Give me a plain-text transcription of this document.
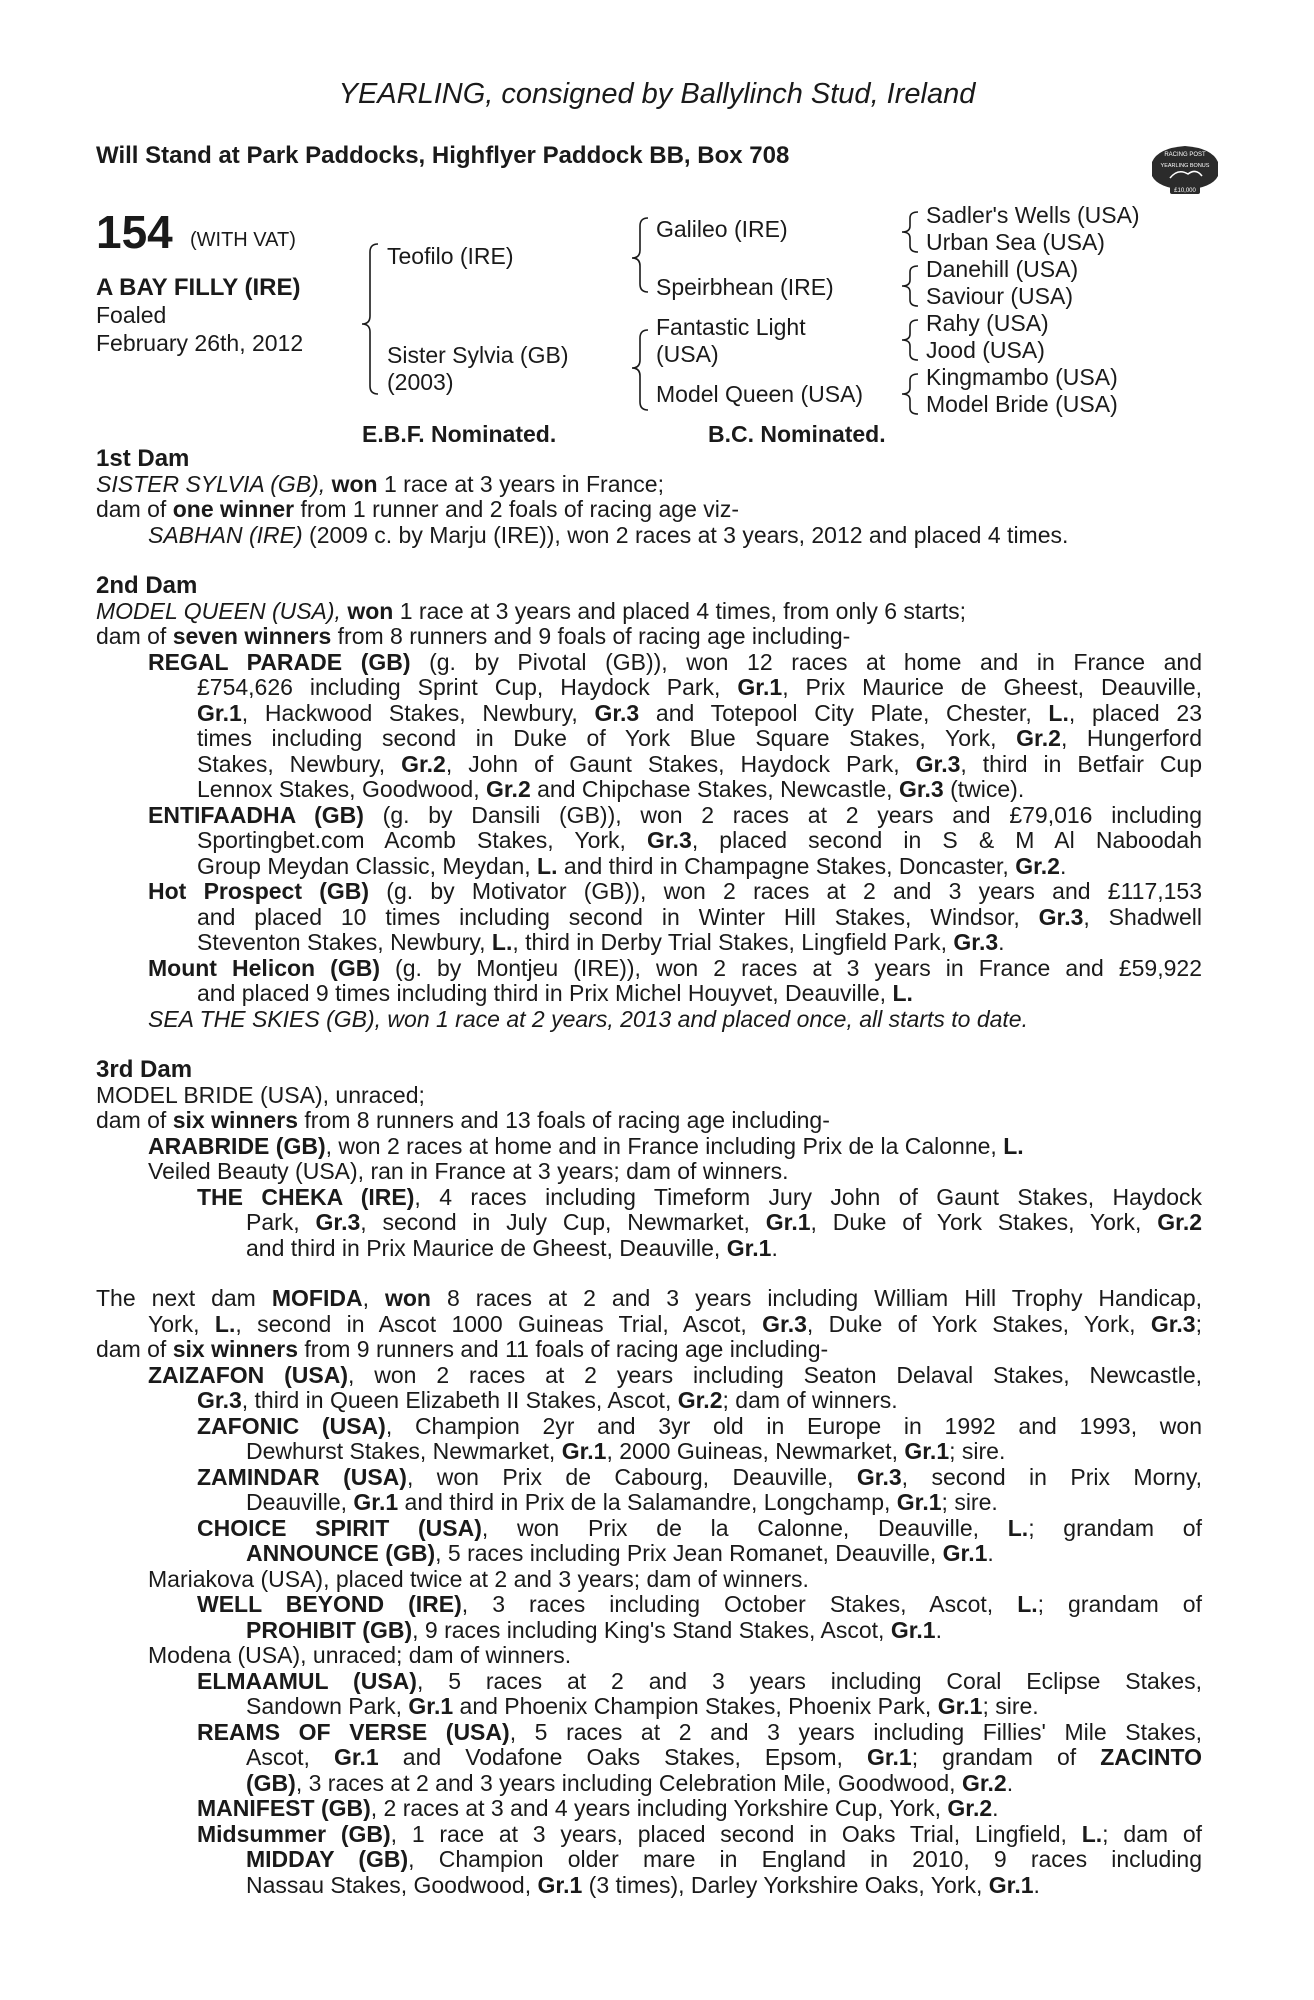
YEARLING, consigned by Ballylinch Stud, Ireland
Will Stand at Park Paddocks, Highflyer Paddock BB, Box 708	RACING POST
YEARLING BONUS
£10,000
154 (WITH VAT)
A BAY FILLY (IRE)
Foaled
February 26th, 2012
Teofilo (IRE)
Sister Sylvia (GB)
(2003)
Galileo (IRE)
Speirbhean (IRE)
Fantastic Light
(USA)
Model Queen (USA)
Sadler's Wells (USA)
Urban Sea (USA)
Danehill (USA)
Saviour (USA)
Rahy (USA)
Jood (USA)
Kingmambo (USA)
Model Bride (USA)
E.B.F. Nominated.	B.C. Nominated.
1st Dam
SISTER SYLVIA (GB), won 1 race at 3 years in France;
dam of one winner from 1 runner and 2 foals of racing age viz-
SABHAN (IRE) (2009 c. by Marju (IRE)), won 2 races at 3 years, 2012 and placed 4 times.
2nd Dam
MODEL QUEEN (USA), won 1 race at 3 years and placed 4 times, from only 6 starts;
dam of seven winners from 8 runners and 9 foals of racing age including-
REGAL PARADE (GB) (g. by Pivotal (GB)), won 12 races at home and in France and
£754,626 including Sprint Cup, Haydock Park, Gr.1, Prix Maurice de Gheest, Deauville,
Gr.1, Hackwood Stakes, Newbury, Gr.3 and Totepool City Plate, Chester, L., placed 23
times including second in Duke of York Blue Square Stakes, York, Gr.2, Hungerford
Stakes, Newbury, Gr.2, John of Gaunt Stakes, Haydock Park, Gr.3, third in Betfair Cup
Lennox Stakes, Goodwood, Gr.2 and Chipchase Stakes, Newcastle, Gr.3 (twice).
ENTIFAADHA (GB) (g. by Dansili (GB)), won 2 races at 2 years and £79,016 including
Sportingbet.com Acomb Stakes, York, Gr.3, placed second in S & M Al Naboodah
Group Meydan Classic, Meydan, L. and third in Champagne Stakes, Doncaster, Gr.2.
Hot Prospect (GB) (g. by Motivator (GB)), won 2 races at 2 and 3 years and £117,153
and placed 10 times including second in Winter Hill Stakes, Windsor, Gr.3, Shadwell
Steventon Stakes, Newbury, L., third in Derby Trial Stakes, Lingfield Park, Gr.3.
Mount Helicon (GB) (g. by Montjeu (IRE)), won 2 races at 3 years in France and £59,922
and placed 9 times including third in Prix Michel Houyvet, Deauville, L.
SEA THE SKIES (GB), won 1 race at 2 years, 2013 and placed once, all starts to date.
3rd Dam
MODEL BRIDE (USA), unraced;
dam of six winners from 8 runners and 13 foals of racing age including-
ARABRIDE (GB), won 2 races at home and in France including Prix de la Calonne, L.
Veiled Beauty (USA), ran in France at 3 years; dam of winners.
THE CHEKA (IRE), 4 races including Timeform Jury John of Gaunt Stakes, Haydock
Park, Gr.3, second in July Cup, Newmarket, Gr.1, Duke of York Stakes, York, Gr.2
and third in Prix Maurice de Gheest, Deauville, Gr.1.
The next dam MOFIDA, won 8 races at 2 and 3 years including William Hill Trophy Handicap,
York, L., second in Ascot 1000 Guineas Trial, Ascot, Gr.3, Duke of York Stakes, York, Gr.3;
dam of six winners from 9 runners and 11 foals of racing age including-
ZAIZAFON (USA), won 2 races at 2 years including Seaton Delaval Stakes, Newcastle,
Gr.3, third in Queen Elizabeth II Stakes, Ascot, Gr.2; dam of winners.
ZAFONIC (USA), Champion 2yr and 3yr old in Europe in 1992 and 1993, won
Dewhurst Stakes, Newmarket, Gr.1, 2000 Guineas, Newmarket, Gr.1; sire.
ZAMINDAR (USA), won Prix de Cabourg, Deauville, Gr.3, second in Prix Morny,
Deauville, Gr.1 and third in Prix de la Salamandre, Longchamp, Gr.1; sire.
CHOICE SPIRIT (USA), won Prix de la Calonne, Deauville, L.; grandam of
ANNOUNCE (GB), 5 races including Prix Jean Romanet, Deauville, Gr.1.
Mariakova (USA), placed twice at 2 and 3 years; dam of winners.
WELL BEYOND (IRE), 3 races including October Stakes, Ascot, L.; grandam of
PROHIBIT (GB), 9 races including King's Stand Stakes, Ascot, Gr.1.
Modena (USA), unraced; dam of winners.
ELMAAMUL (USA), 5 races at 2 and 3 years including Coral Eclipse Stakes,
Sandown Park, Gr.1 and Phoenix Champion Stakes, Phoenix Park, Gr.1; sire.
REAMS OF VERSE (USA), 5 races at 2 and 3 years including Fillies' Mile Stakes,
Ascot, Gr.1 and Vodafone Oaks Stakes, Epsom, Gr.1; grandam of ZACINTO
(GB), 3 races at 2 and 3 years including Celebration Mile, Goodwood, Gr.2.
MANIFEST (GB), 2 races at 3 and 4 years including Yorkshire Cup, York, Gr.2.
Midsummer (GB), 1 race at 3 years, placed second in Oaks Trial, Lingfield, L.; dam of
MIDDAY (GB), Champion older mare in England in 2010, 9 races including
Nassau Stakes, Goodwood, Gr.1 (3 times), Darley Yorkshire Oaks, York, Gr.1.
